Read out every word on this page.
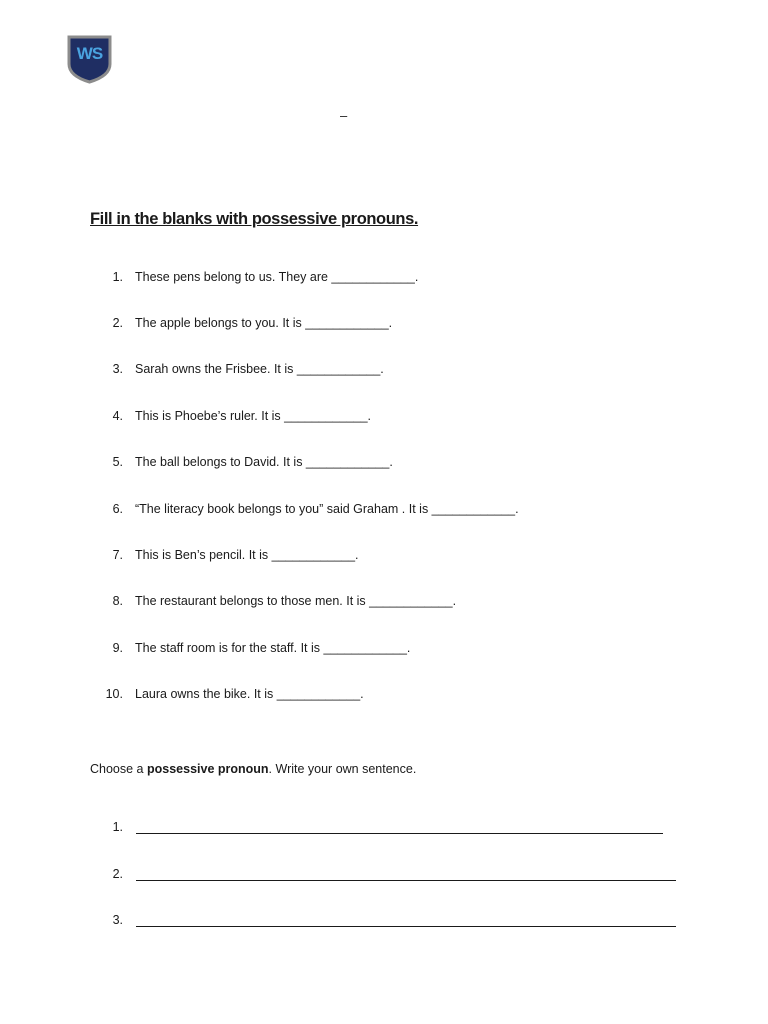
WS
–
Fill in the blanks with possessive pronouns.
1. These pens belong to us. They are ____________.
2. The apple belongs to you. It is ____________.
3. Sarah owns the Frisbee. It is ____________.
4. This is Phoebe’s ruler. It is ____________.
5. The ball belongs to David. It is ____________.
6. “The literacy book belongs to you” said Graham . It is ____________.
7. This is Ben’s pencil. It is ____________.
8. The restaurant belongs to those men. It is ____________.
9. The staff room is for the staff. It is ____________.
10. Laura owns the bike. It is ____________.
Choose a possessive pronoun. Write your own sentence.
1.
2.
3.
